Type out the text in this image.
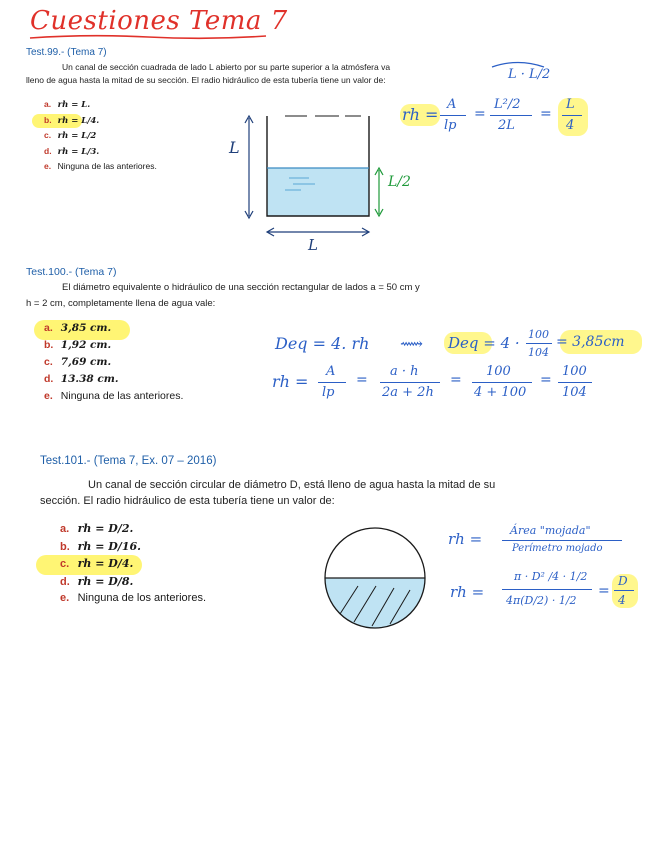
Cuestiones Tema 7
Test.99.- (Tema 7)
Un canal de sección cuadrada de lado L abierto por su parte superior a la atmósfera va
lleno de agua hasta la mitad de su sección. El radio hidráulico de esta tubería tiene un valor de:
a. rh = L.
b. rh = L/4.
c. rh = L/2
d. rh = L/3.
e. Ninguna de las anteriores.
L · L/2
rh =
A
lp
=
L²/2
2L
=
L
4
L
L/2
L
Test.100.- (Tema 7)
El diámetro equivalente o hidráulico de una sección rectangular de lados a = 50 cm y
h = 2 cm, completamente llena de agua vale:
a. 3,85 cm.
b. 1,92 cm.
c. 7,69 cm.
d. 13.38 cm.
e. Ninguna de las anteriores.
Deq = 4. rh ⟿ Deq = 4 · 100
104
= 3,85cm
rh =
A
lp
=
a · h
2a + 2h
=
100
4 + 100
=
100
104
Test.101.- (Tema 7, Ex. 07 – 2016)
Un canal de sección circular de diámetro D, está lleno de agua hasta la mitad de su
sección. El radio hidráulico de esta tubería tiene un valor de:
a. rh = D/2.
b. rh = D/16.
c. rh = D/4.
d. rh = D/8.
e. Ninguna de los anteriores.
rh =	Área "mojada"
Perímetro mojado
rh =
π · D² /4 · 1/2
4π(D/2) · 1/2
=
D
4
